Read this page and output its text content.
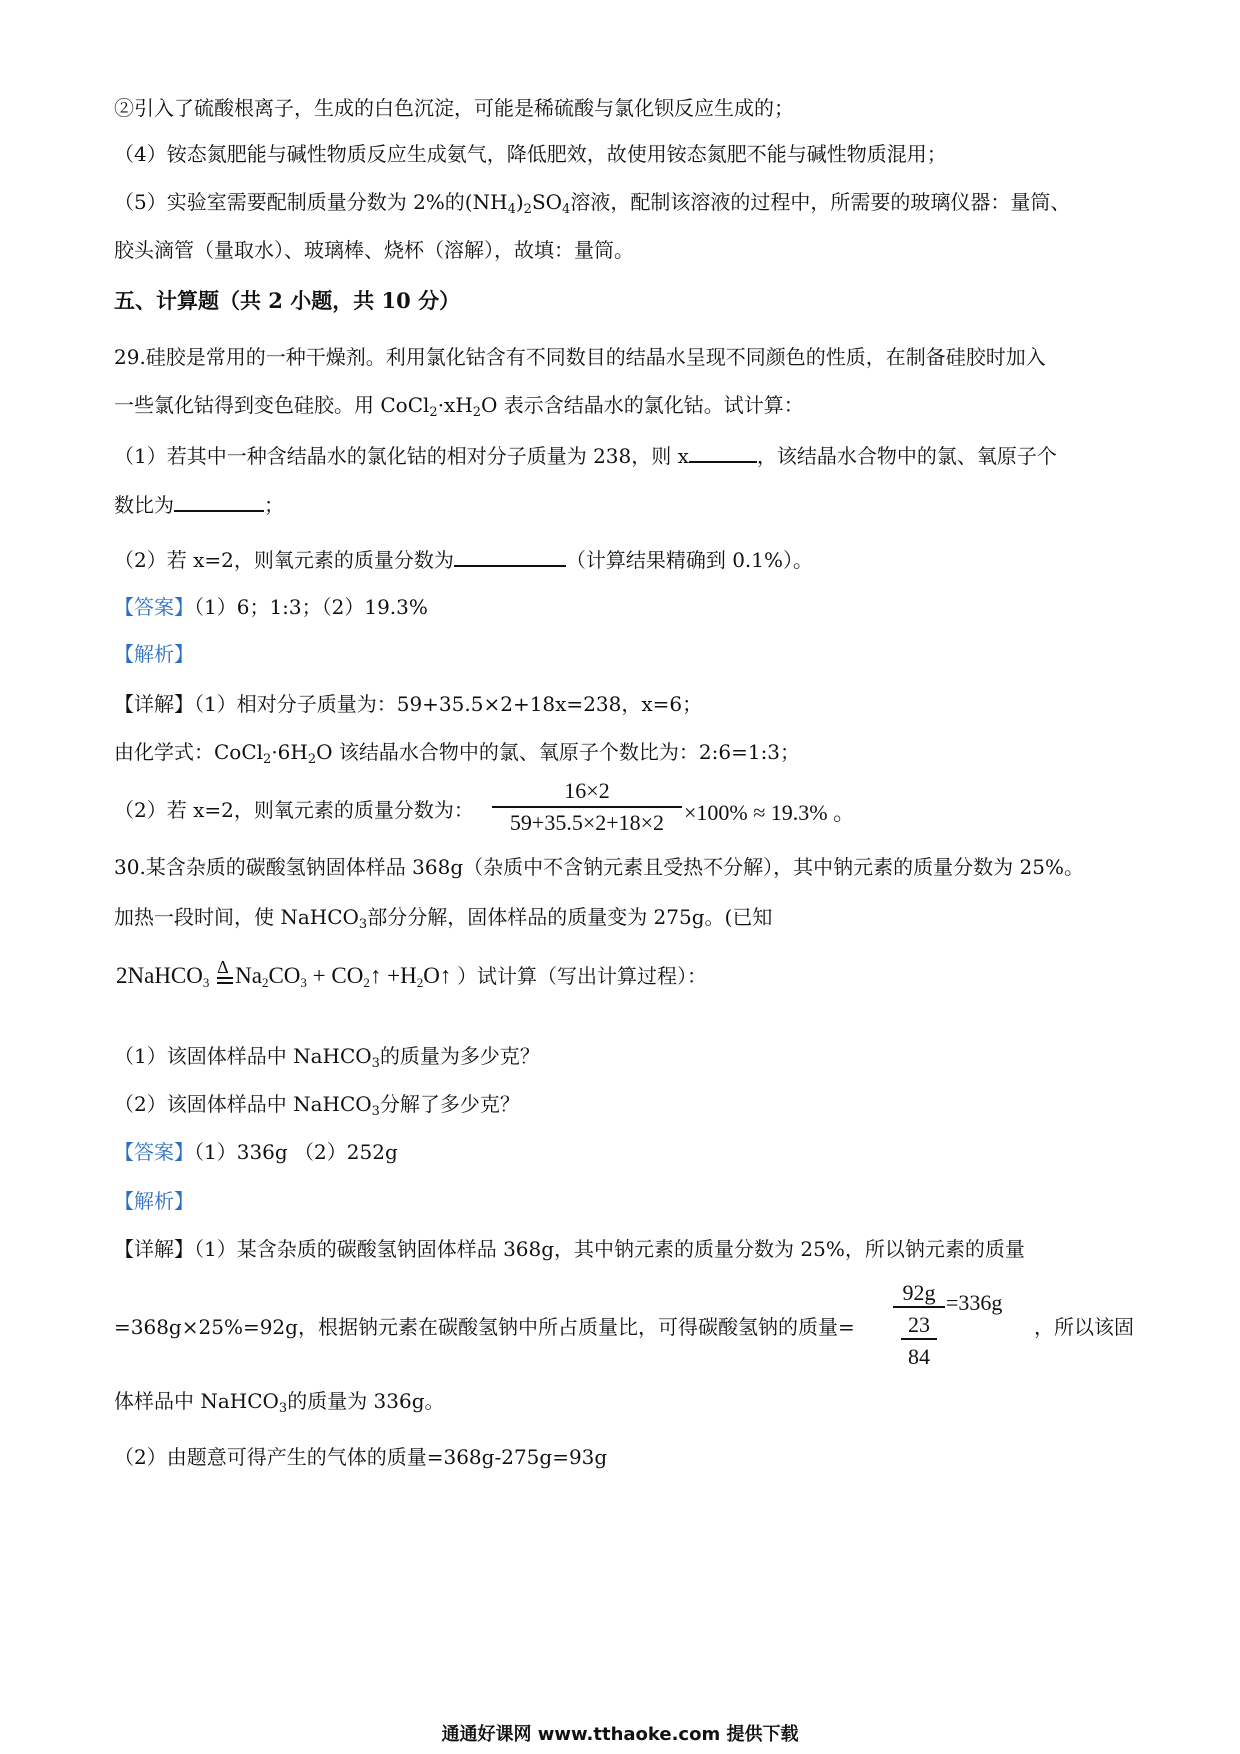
②引入了硫酸根离子，生成的白色沉淀，可能是稀硫酸与氯化钡反应生成的；
（4）铵态氮肥能与碱性物质反应生成氨气，降低肥效，故使用铵态氮肥不能与碱性物质混用；
（5）实验室需要配制质量分数为 2%的$(NH_4)_2SO_4$溶液，配制该溶液的过程中，所需要的玻璃仪器：量筒、
胶头滴管（量取水）、玻璃棒、烧杯（溶解），故填：量筒。
五、计算题（共 2 小题，共 10 分）
29.硅胶是常用的一种干燥剂。利用氯化钴含有不同数目的结晶水呈现不同颜色的性质，在制备硅胶时加入
一些氯化钴得到变色硅胶。用 $CoCl_2\cdot xH_2O$ 表示含结晶水的氯化钴。试计算：
（1）若其中一种含结晶水的氯化钴的相对分子质量为 238，则 x	，该结晶水合物中的氯、氧原子个
数比为	；
（2）若 x=2，则氧元素的质量分数为	（计算结果精确到 0.1%）。
【答案】（1）6；1:3；（2）19.3%
【解析】
【详解】（1）相对分子质量为：59+35.5×2+18x=238，x=6；
由化学式：$CoCl_2\cdot 6H_2O$ 该结晶水合物中的氯、氧原子个数比为：2:6=1:3；
（2）若 x=2，则氧元素的质量分数为： $\frac{16\times 2}{59+35.5\times 2+18\times 2} \times 100\% \approx 19.3\%$ 。
30.某含杂质的碳酸氢钠固体样品 368g（杂质中不含钠元素且受热不分解），其中钠元素的质量分数为 25%。
加热一段时间，使 NaHCO$_3$部分分解，固体样品的质量变为 275g。(已知
2NaHCO$_3$
Δ $Na_2CO_3$ + $CO_2↑$ $+H_2O↑$ ）试计算（写出计算过程）：
（1）该固体样品中 NaHCO$_3$的质量为多少克？
（2）该固体样品中 NaHCO$_3$分解了多少克？
【答案】（1）336g （2）252g
【解析】
【详解】（1）某含杂质的碳酸氢钠固体样品 368g，其中钠元素的质量分数为 25%，所以钠元素的质量
=368g×25%=92g，根据钠元素在碳酸氢钠中所占质量比，可得碳酸氢钠的质量=
92g
23
84
=336g
，所以该固
体样品中 NaHCO$_3$的质量为 336g。
（2）由题意可得产生的气体的质量=368g-275g=93g
通通好课网 www.tthaoke.com 提供下载
